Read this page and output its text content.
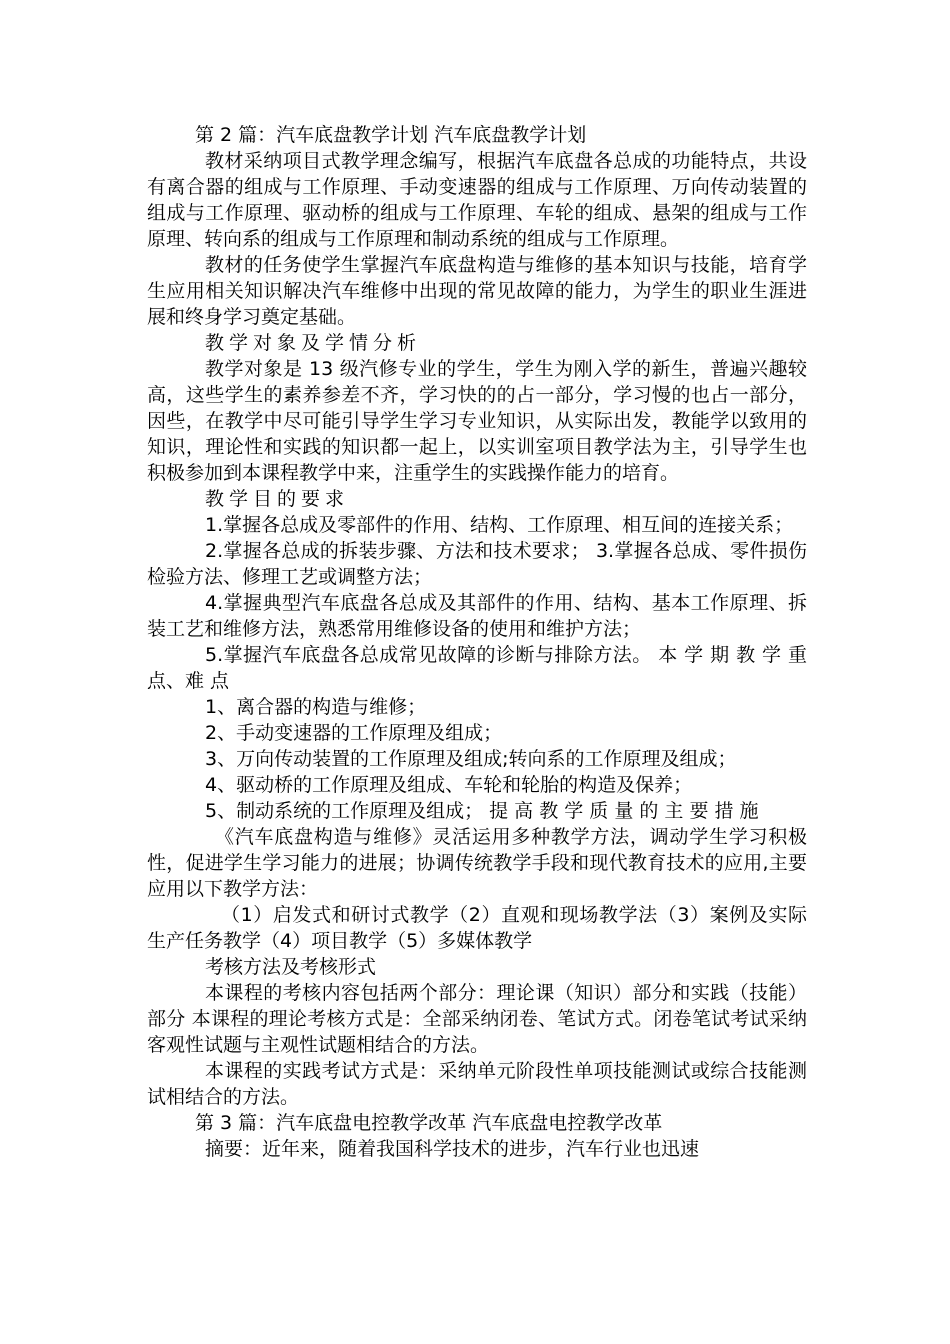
第 2 篇：汽车底盘教学计划 汽车底盘教学计划

教材采纳项目式教学理念编写，根据汽车底盘各总成的功能特点，共设有离合器的组成与工作原理、手动变速器的组成与工作原理、万向传动装置的组成与工作原理、驱动桥的组成与工作原理、车轮的组成、悬架的组成与工作原理、转向系的组成与工作原理和制动系统的组成与工作原理。

教材的任务使学生掌握汽车底盘构造与维修的基本知识与技能，培育学生应用相关知识解决汽车维修中出现的常见故障的能力，为学生的职业生涯进展和终身学习奠定基础。

教学对象及学情分析

教学对象是 13 级汽修专业的学生，学生为刚入学的新生，普遍兴趣较高，这些学生的素养参差不齐，学习快的的占一部分，学习慢的也占一部分，因些，在教学中尽可能引导学生学习专业知识，从实际出发，教能学以致用的知识，理论性和实践的知识都一起上，以实训室项目教学法为主，引导学生也积极参加到本课程教学中来，注重学生的实践操作能力的培育。

教学目的要求

1.掌握各总成及零部件的作用、结构、工作原理、相互间的连接关系；

2.掌握各总成的拆装步骤、方法和技术要求； 3.掌握各总成、零件损伤检验方法、修理工艺或调整方法；

4.掌握典型汽车底盘各总成及其部件的作用、结构、基本工作原理、拆装工艺和维修方法，熟悉常用维修设备的使用和维护方法；

5.掌握汽车底盘各总成常见故障的诊断与排除方法。 本 学 期 教 学 重 点、难 点

1、离合器的构造与维修；

2、手动变速器的工作原理及组成；

3、万向传动装置的工作原理及组成;转向系的工作原理及组成；

4、驱动桥的工作原理及组成、车轮和轮胎的构造及保养；

5、制动系统的工作原理及组成； 提 高 教 学 质 量 的 主 要 措 施

《汽车底盘构造与维修》灵活运用多种教学方法，调动学生学习积极性，促进学生学习能力的进展；协调传统教学手段和现代教育技术的应用,主要应用以下教学方法：

（1）启发式和研讨式教学（2）直观和现场教学法（3）案例及实际生产任务教学（4）项目教学（5）多媒体教学

考核方法及考核形式

本课程的考核内容包括两个部分：理论课（知识）部分和实践（技能）部分 本课程的理论考核方式是：全部采纳闭卷、笔试方式。闭卷笔试考试采纳客观性试题与主观性试题相结合的方法。

本课程的实践考试方式是：采纳单元阶段性单项技能测试或综合技能测试相结合的方法。

第 3 篇：汽车底盘电控教学改革 汽车底盘电控教学改革

摘要：近年来，随着我国科学技术的进步，汽车行业也迅速
